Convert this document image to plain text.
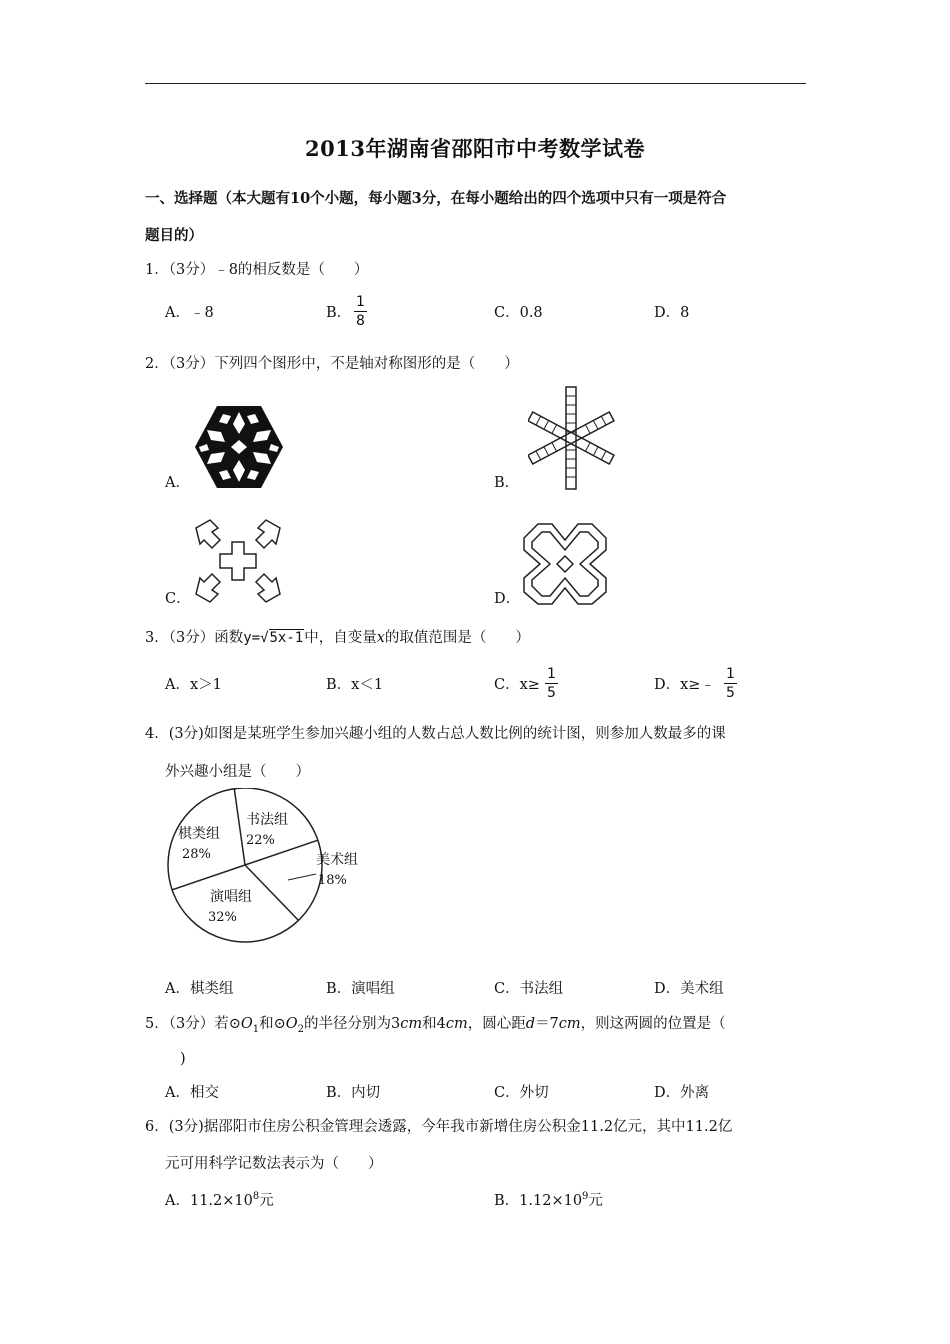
2013年湖南省邵阳市中考数学试卷
一、选择题（本大题有10个小题，每小题3分，在每小题给出的四个选项中只有一项是符合
题目的）
1．（3分）﹣8的相反数是（　　）
A．﹣8	B．
1
8	C．0.8	D．8
2．（3分）下列四个图形中，不是轴对称图形的是（　　）
A．	B．
C．	D．
3．（3分）函数y=√5x-1中，自变量x的取值范围是（　　）
A．x＞1	B．x＜1	C．x≥
1
5	D．x≥﹣
1
5
4．(3分)如图是某班学生参加兴趣小组的人数占总人数比例的统计图，则参加人数最多的课
外兴趣小组是（　　）
棋类组
28%
书法组
22%
美术组
18%
演唱组
32%
A．棋类组	B．演唱组	C．书法组	D．美术组
5．（3分）若$⊙O_1$和$⊙O_2$的半径分别为3cm和4cm，圆心距d＝7cm，则这两圆的位置是（
)
A．相交	B．内切	C．外切	D．外离
6．(3分)据邵阳市住房公积金管理会透露，今年我市新增住房公积金11.2亿元，其中11.2亿
元可用科学记数法表示为（　　）
A．$11.2\times 10^8$元	B．$1.12\times 10^9$元
